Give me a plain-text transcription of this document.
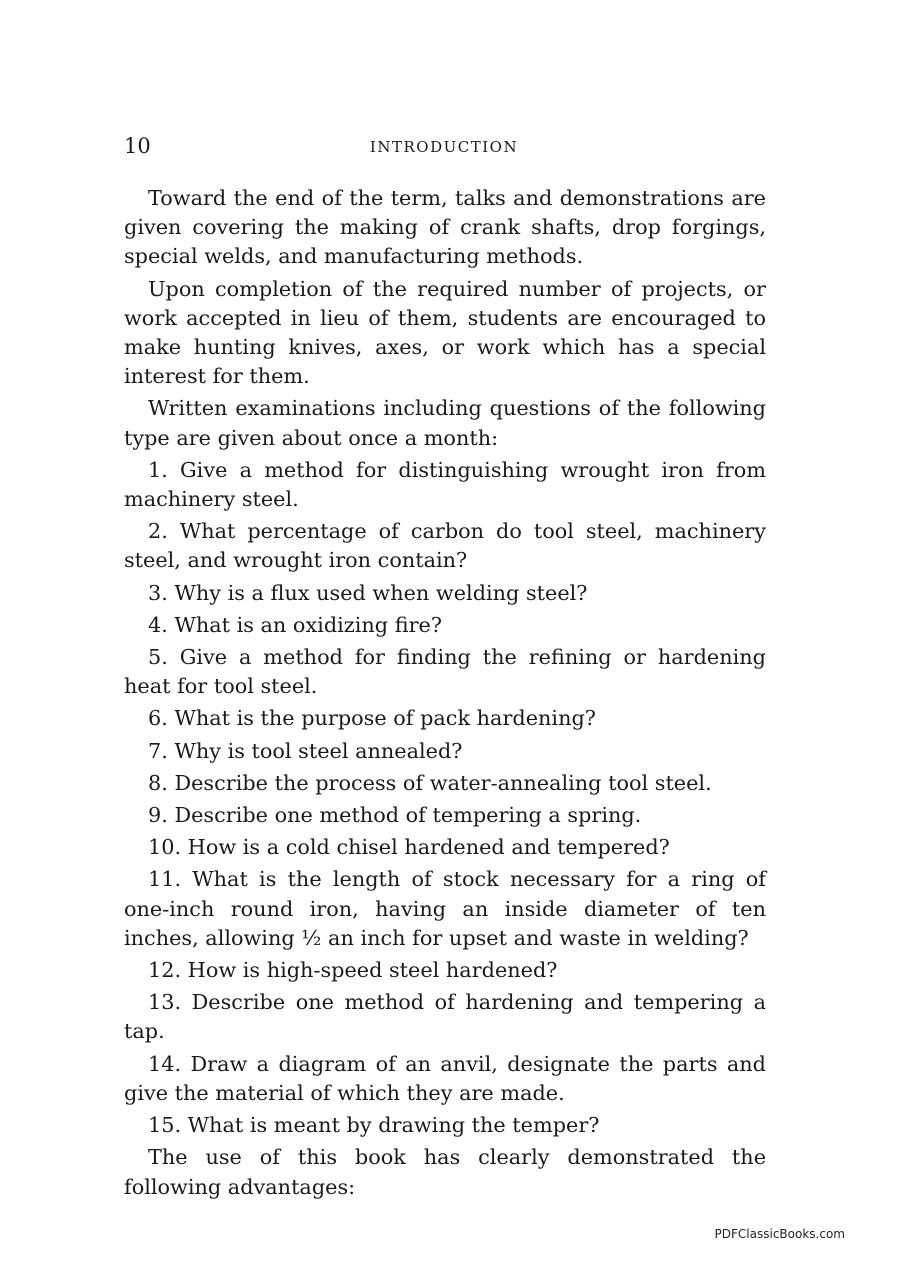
10	INTRODUCTION

Toward the end of the term, talks and demonstrations are given covering the making of crank shafts, drop forgings, special welds, and manufacturing methods.

Upon completion of the required number of projects, or work accepted in lieu of them, students are encouraged to make hunting knives, axes, or work which has a special interest for them.

Written examinations including questions of the following type are given about once a month:

1. Give a method for distinguishing wrought iron from machinery steel.

2. What percentage of carbon do tool steel, machinery steel, and wrought iron contain?

3. Why is a flux used when welding steel?

4. What is an oxidizing fire?

5. Give a method for finding the refining or hardening heat for tool steel.

6. What is the purpose of pack hardening?

7. Why is tool steel annealed?

8. Describe the process of water-annealing tool steel.

9. Describe one method of tempering a spring.

10. How is a cold chisel hardened and tempered?

11. What is the length of stock necessary for a ring of one-inch round iron, having an inside diameter of ten inches, allowing ½ an inch for upset and waste in welding?

12. How is high-speed steel hardened?

13. Describe one method of hardening and tempering a tap.

14. Draw a diagram of an anvil, designate the parts and give the material of which they are made.

15. What is meant by drawing the temper?

The use of this book has clearly demonstrated the following advantages:

PDFClassicBooks.com
